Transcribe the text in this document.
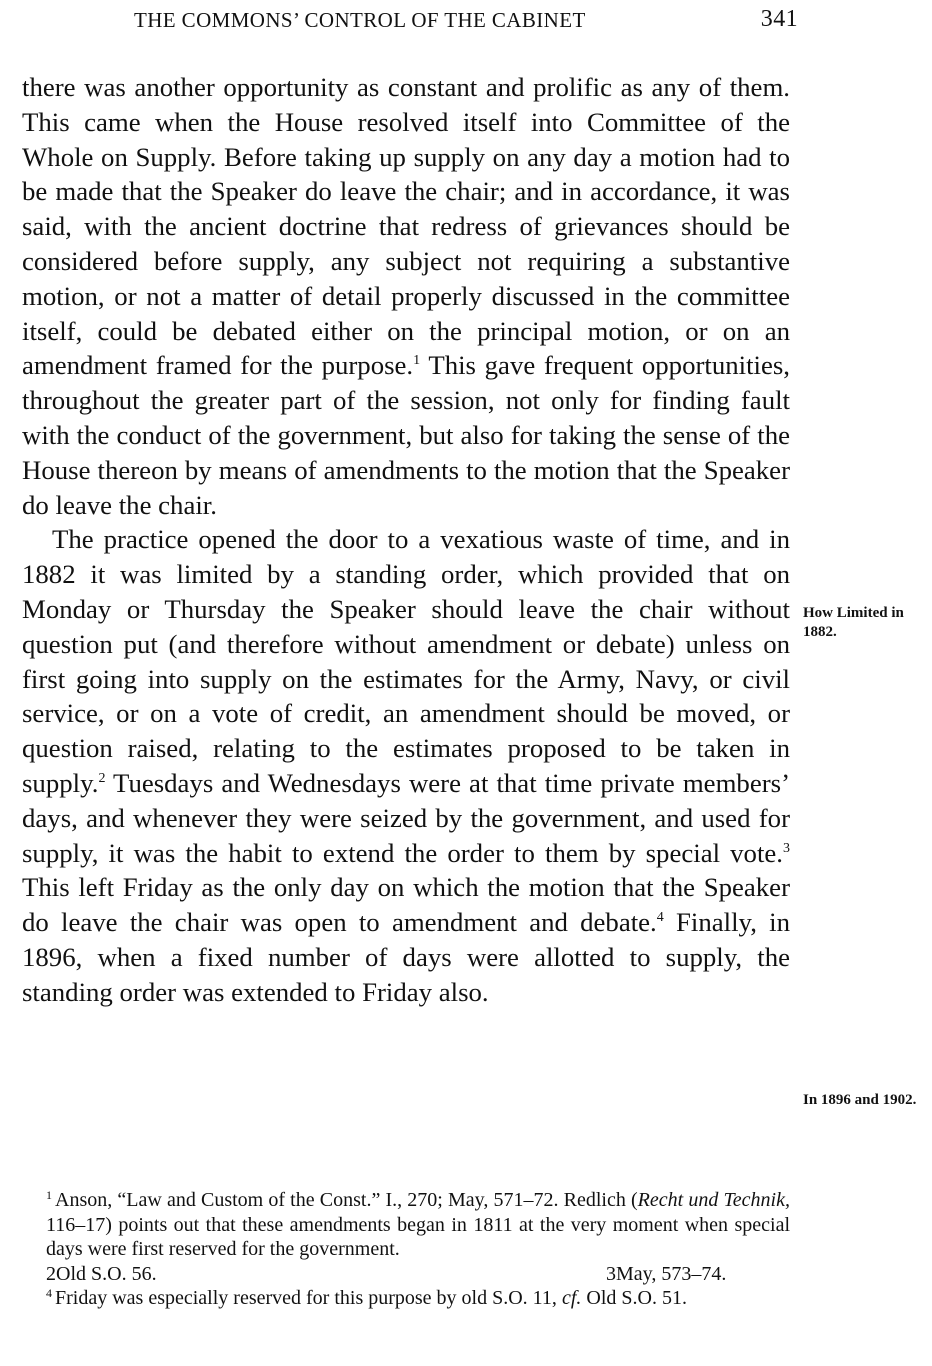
THE COMMONS’ CONTROL OF THE CABINET	341

there was another opportunity as constant and prolific as any of them. This came when the House resolved itself into Committee of the Whole on Supply. Before taking up supply on any day a motion had to be made that the Speaker do leave the chair; and in accordance, it was said, with the ancient doctrine that redress of grievances should be considered before supply, any subject not requiring a substantive motion, or not a matter of detail properly discussed in the committee itself, could be debated either on the principal motion, or on an amendment framed for the purpose.$^1$ This gave frequent opportunities, throughout the greater part of the session, not only for finding fault with the conduct of the government, but also for taking the sense of the House thereon by means of amendments to the motion that the Speaker do leave the chair.

The practice opened the door to a vexatious waste of time, and in 1882 it was limited by a standing order, which provided that on Monday or Thursday the Speaker should leave the chair without question put (and therefore without amendment or debate) unless on first going into supply on the estimates for the Army, Navy, or civil service, or on a vote of credit, an amendment should be moved, or question raised, relating to the estimates proposed to be taken in supply.$^2$ Tuesdays and Wednesdays were at that time private members’ days, and whenever they were seized by the government, and used for supply, it was the habit to extend the order to them by special vote.$^3$ This left Friday as the only day on which the motion that the Speaker do leave the chair was open to amendment and debate.$^4$ Finally, in 1896, when a fixed number of days were allotted to supply, the standing order was extended to Friday also.

How Limited in 1882.
In 1896 and 1902.

$^1$ Anson, “Law and Custom of the Const.” I., 270; May, 571–72. Redlich (Recht und Technik, 116–17) points out that these amendments began in 1811 at the very moment when special days were first reserved for the government.

2Old S.O. 56.	3May, 573–74.

$^4$ Friday was especially reserved for this purpose by old S.O. 11, cf. Old S.O. 51.
